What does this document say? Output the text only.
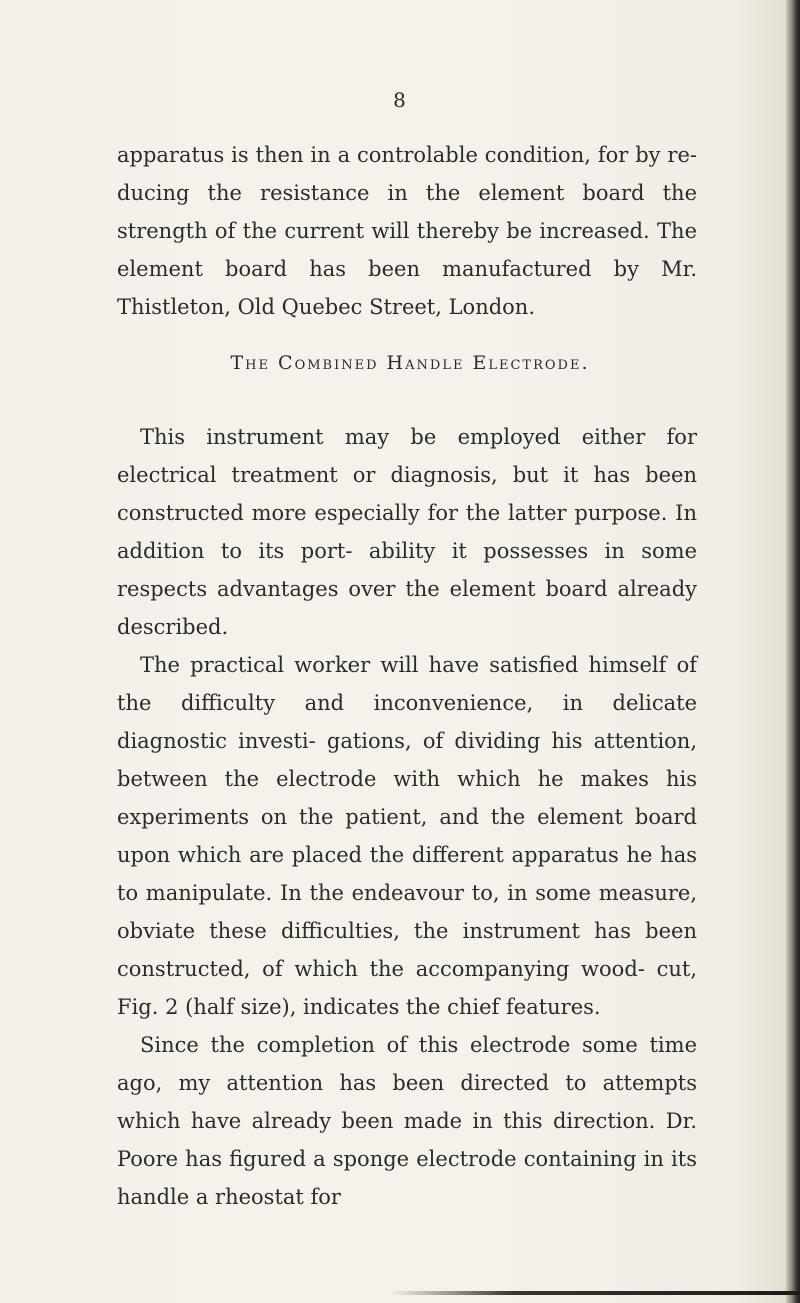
8

apparatus is then in a controlable condition, for by re- ducing the resistance in the element board the strength of the current will thereby be increased. The element board has been manufactured by Mr. Thistleton, Old Quebec Street, London.

The Combined Handle Electrode.

This instrument may be employed either for electrical treatment or diagnosis, but it has been constructed more especially for the latter purpose. In addition to its port- ability it possesses in some respects advantages over the element board already described.

The practical worker will have satisfied himself of the difficulty and inconvenience, in delicate diagnostic investi- gations, of dividing his attention, between the electrode with which he makes his experiments on the patient, and the element board upon which are placed the different apparatus he has to manipulate. In the endeavour to, in some measure, obviate these difficulties, the instrument has been constructed, of which the accompanying wood- cut, Fig. 2 (half size), indicates the chief features.

Since the completion of this electrode some time ago, my attention has been directed to attempts which have already been made in this direction. Dr. Poore has figured a sponge electrode containing in its handle a rheostat for
